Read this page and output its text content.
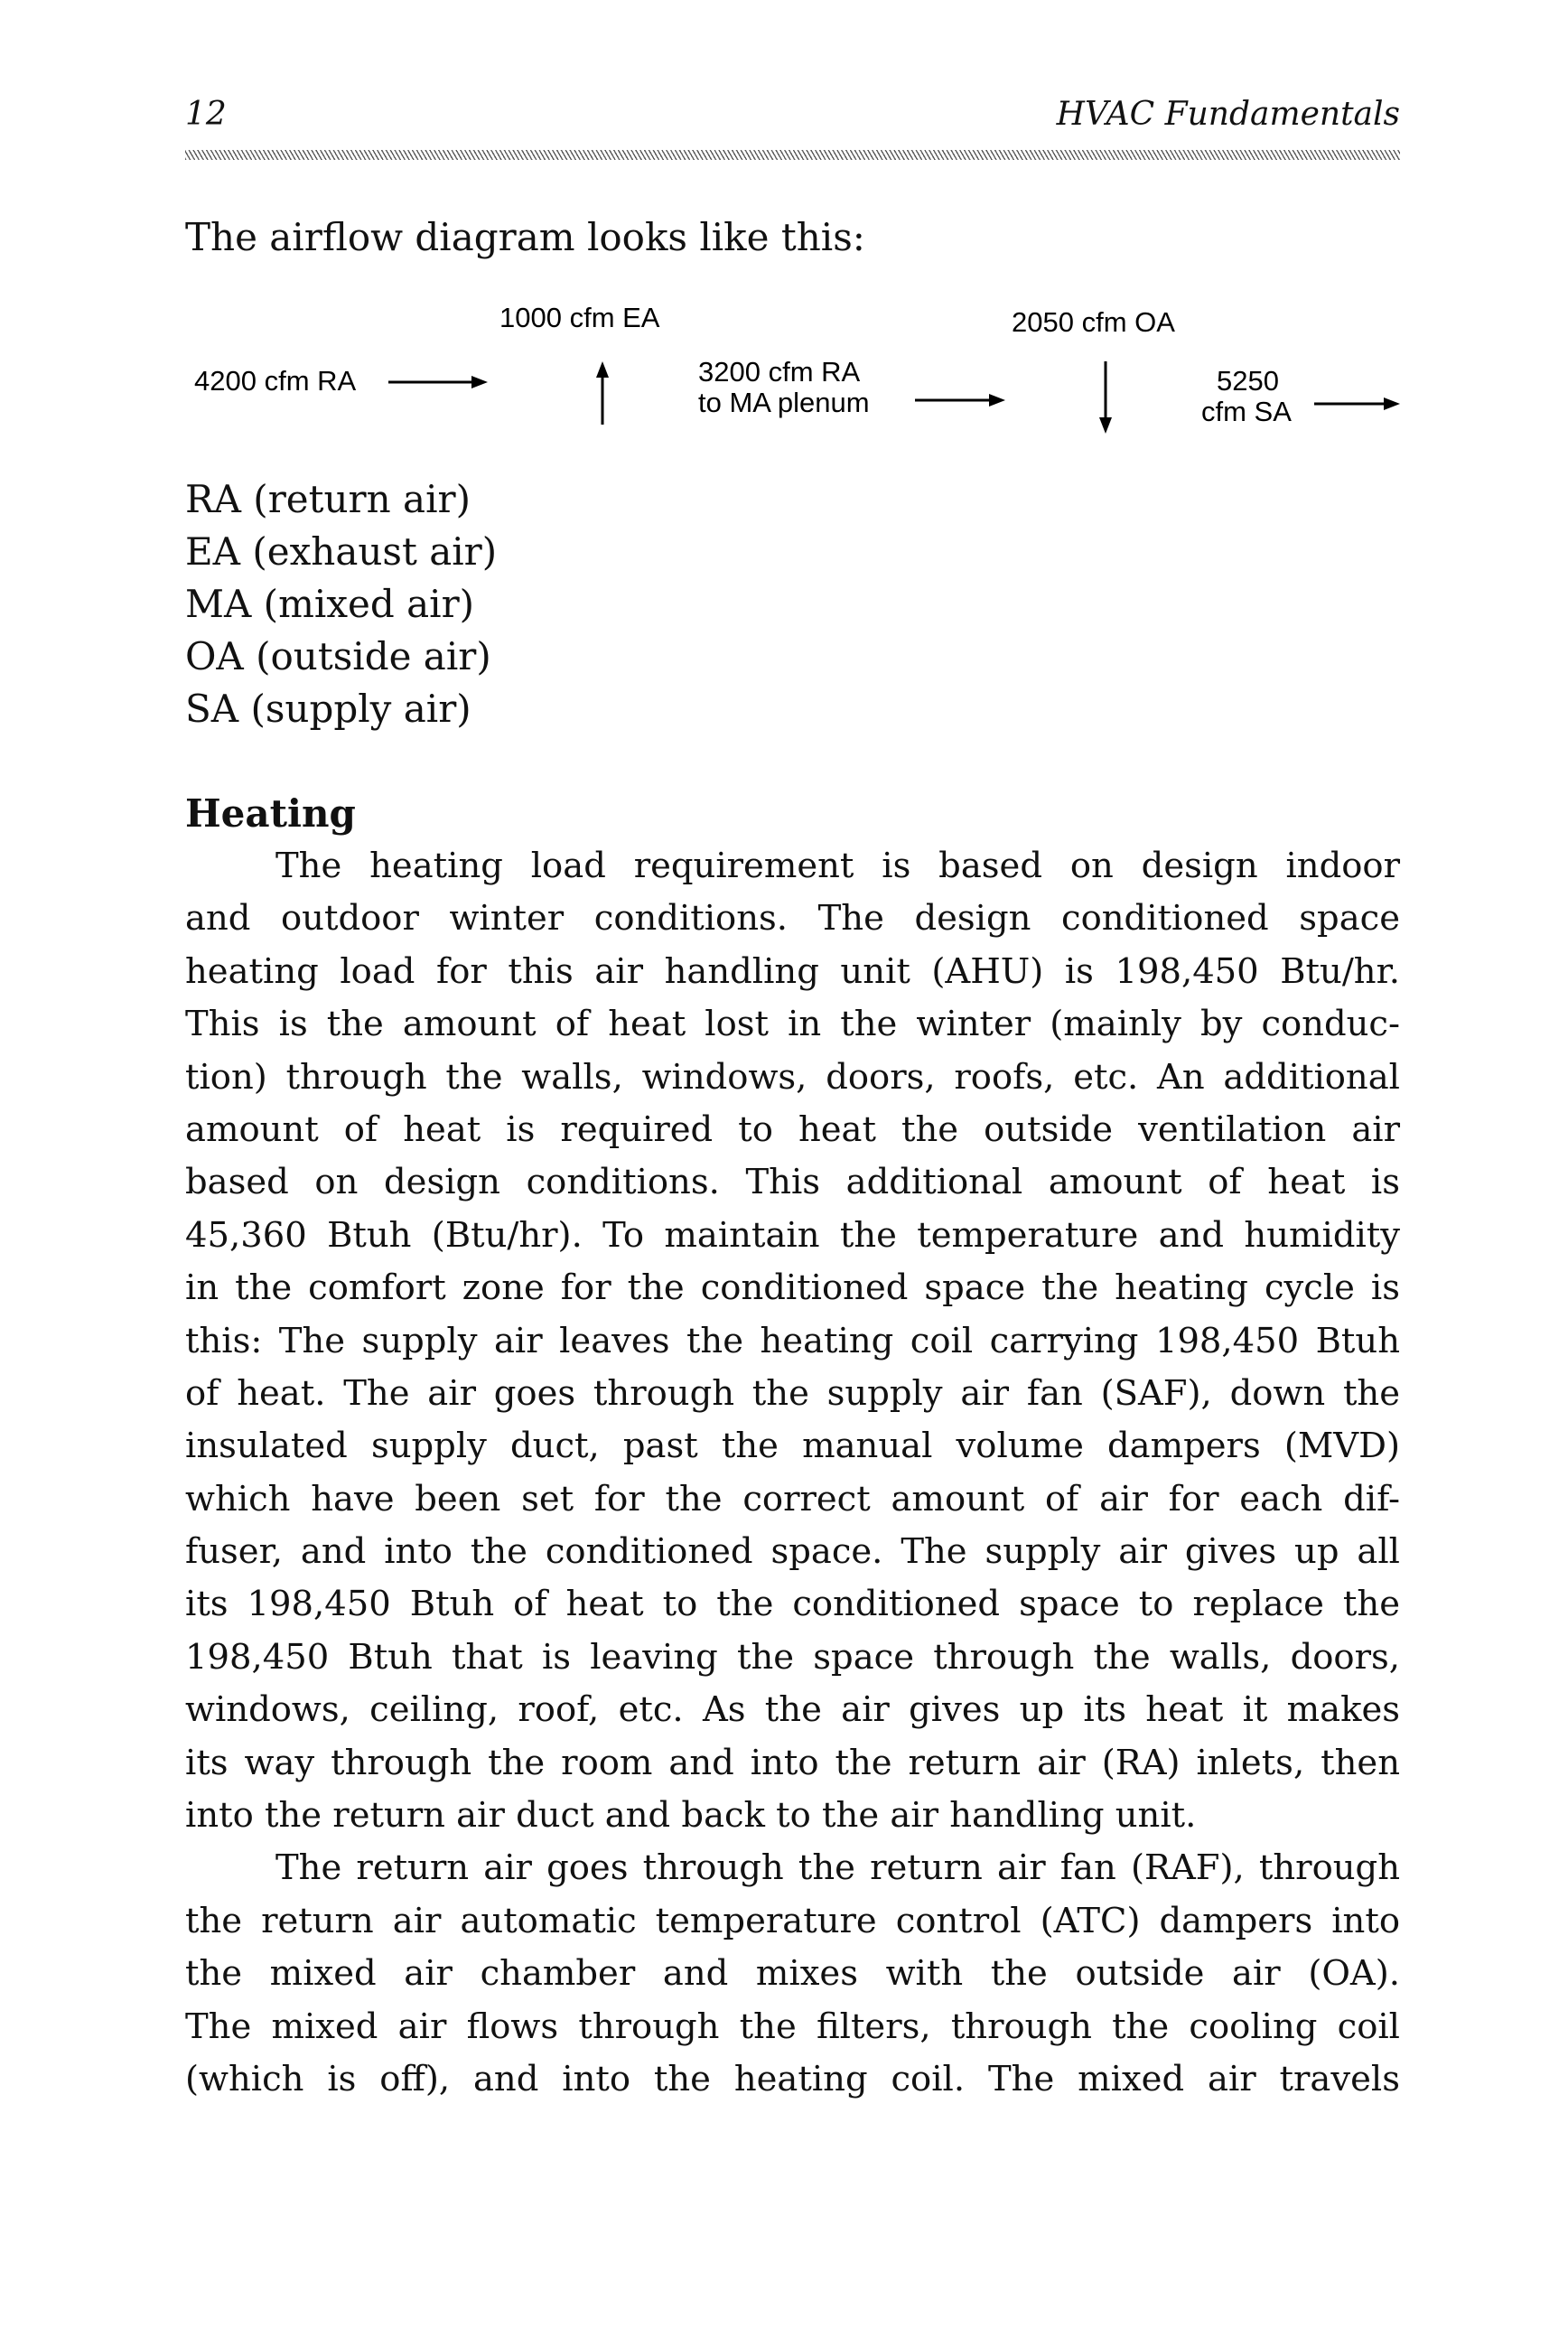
12	HVAC Fundamentals
The airflow diagram looks like this:
4200 cfm RA
1000 cfm EA
3200 cfm RA
to MA plenum
2050 cfm OA
5250
cfm SA
RA (return air)
EA (exhaust air)
MA (mixed air)
OA (outside air)
SA (supply air)
Heating
The heating load requirement is based on design indoor
and outdoor winter conditions. The design conditioned space
heating load for this air handling unit (AHU) is 198,450 Btu/hr.
This is the amount of heat lost in the winter (mainly by conduc-
tion) through the walls, windows, doors, roofs, etc. An additional
amount of heat is required to heat the outside ventilation air
based on design conditions. This additional amount of heat is
45,360 Btuh (Btu/hr). To maintain the temperature and humidity
in the comfort zone for the conditioned space the heating cycle is
this: The supply air leaves the heating coil carrying 198,450 Btuh
of heat. The air goes through the supply air fan (SAF), down the
insulated supply duct, past the manual volume dampers (MVD)
which have been set for the correct amount of air for each dif-
fuser, and into the conditioned space. The supply air gives up all
its 198,450 Btuh of heat to the conditioned space to replace the
198,450 Btuh that is leaving the space through the walls, doors,
windows, ceiling, roof, etc. As the air gives up its heat it makes
its way through the room and into the return air (RA) inlets, then
into the return air duct and back to the air handling unit.
The return air goes through the return air fan (RAF), through
the return air automatic temperature control (ATC) dampers into
the mixed air chamber and mixes with the outside air (OA).
The mixed air flows through the filters, through the cooling coil
(which is off), and into the heating coil. The mixed air travels
